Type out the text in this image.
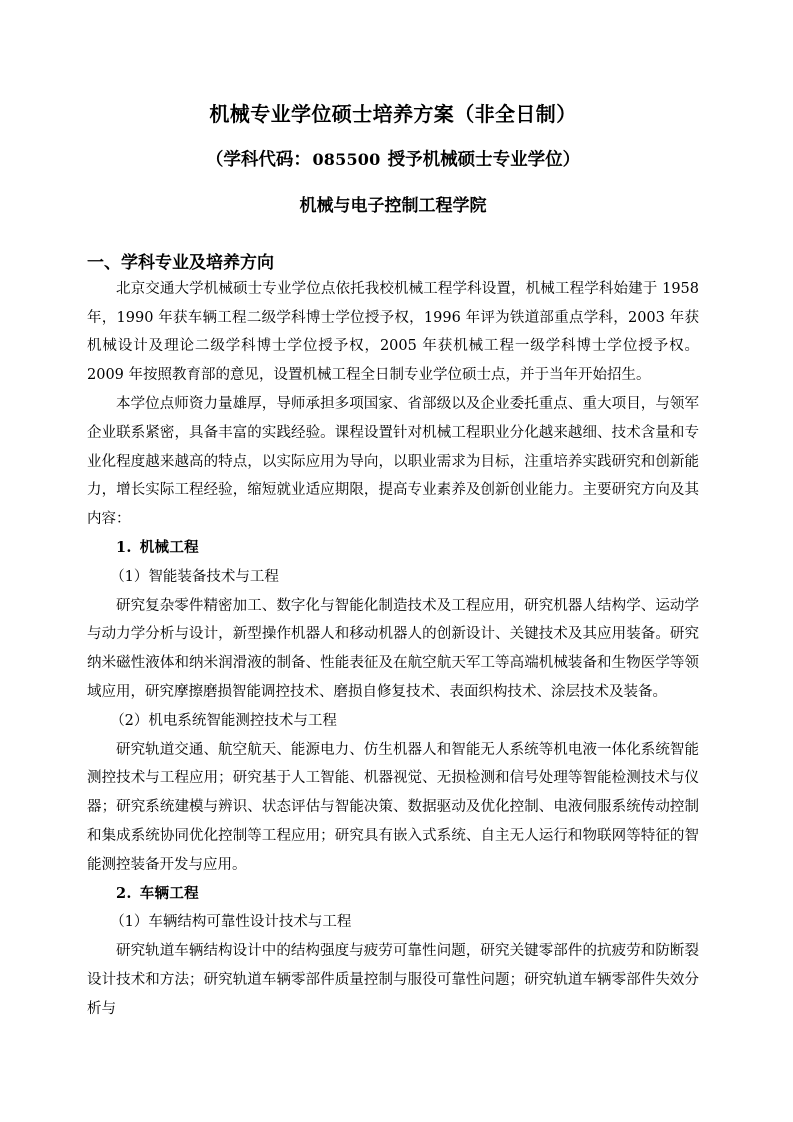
机械专业学位硕士培养方案（非全日制）
（学科代码：085500 授予机械硕士专业学位）
机械与电子控制工程学院
一、学科专业及培养方向

北京交通大学机械硕士专业学位点依托我校机械工程学科设置，机械工程学科始建于 1958 年，1990 年获车辆工程二级学科博士学位授予权，1996 年评为铁道部重点学科，2003 年获机械设计及理论二级学科博士学位授予权，2005 年获机械工程一级学科博士学位授予权。2009 年按照教育部的意见，设置机械工程全日制专业学位硕士点，并于当年开始招生。

本学位点师资力量雄厚，导师承担多项国家、省部级以及企业委托重点、重大项目，与领军企业联系紧密，具备丰富的实践经验。课程设置针对机械工程职业分化越来越细、技术含量和专业化程度越来越高的特点，以实际应用为导向，以职业需求为目标，注重培养实践研究和创新能力，增长实际工程经验，缩短就业适应期限，提高专业素养及创新创业能力。主要研究方向及其内容：

1. 机械工程

（1）智能装备技术与工程

研究复杂零件精密加工、数字化与智能化制造技术及工程应用，研究机器人结构学、运动学与动力学分析与设计，新型操作机器人和移动机器人的创新设计、关键技术及其应用装备。研究纳米磁性液体和纳米润滑液的制备、性能表征及在航空航天军工等高端机械装备和生物医学等领域应用，研究摩擦磨损智能调控技术、磨损自修复技术、表面织构技术、涂层技术及装备。

（2）机电系统智能测控技术与工程

研究轨道交通、航空航天、能源电力、仿生机器人和智能无人系统等机电液一体化系统智能测控技术与工程应用；研究基于人工智能、机器视觉、无损检测和信号处理等智能检测技术与仪器；研究系统建模与辨识、状态评估与智能决策、数据驱动及优化控制、电液伺服系统传动控制和集成系统协同优化控制等工程应用；研究具有嵌入式系统、自主无人运行和物联网等特征的智能测控装备开发与应用。

2. 车辆工程

（1）车辆结构可靠性设计技术与工程

研究轨道车辆结构设计中的结构强度与疲劳可靠性问题，研究关键零部件的抗疲劳和防断裂设计技术和方法；研究轨道车辆零部件质量控制与服役可靠性问题；研究轨道车辆零部件失效分析与
